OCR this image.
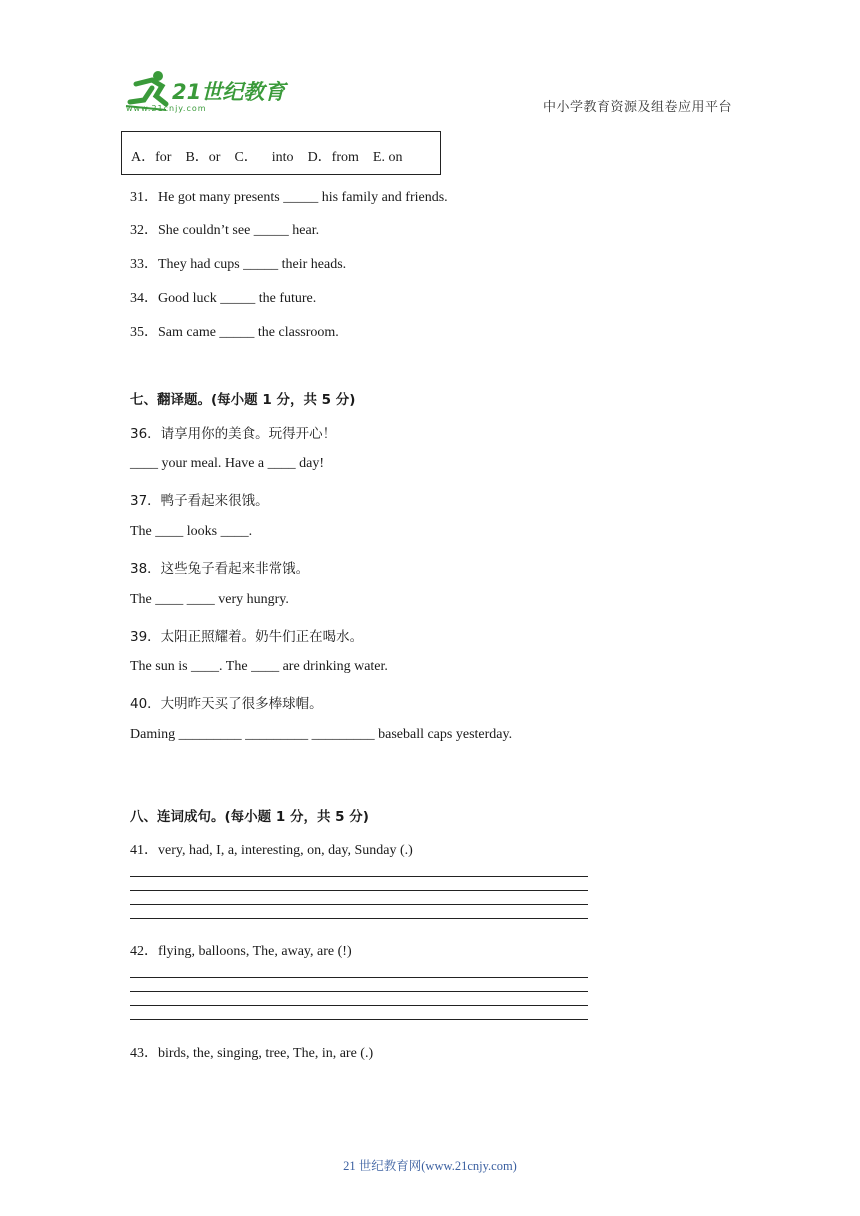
21世纪教育
www.21cnjy.com	中小学教育资源及组卷应用平台
A．for B．or C． into D．from E. on
31．He got many presents _____ his family and friends.
32．She couldn’t see _____ hear.
33．They had cups _____ their heads.
34．Good luck _____ the future.
35．Sam came _____ the classroom.
七、翻译题。(每小题 1 分，共 5 分)
36．请享用你的美食。玩得开心！
____ your meal. Have a ____ day!
37．鸭子看起来很饿。
The ____ looks ____.
38．这些兔子看起来非常饿。
The ____ ____ very hungry.
39．太阳正照耀着。奶牛们正在喝水。
The sun is ____. The ____ are drinking water.
40．大明昨天买了很多棒球帽。
Daming _________ _________ _________ baseball caps yesterday.
八、连词成句。(每小题 1 分，共 5 分)
41．very, had, I, a, interesting, on, day, Sunday (.)
42．flying, balloons, The, away, are (!)
43．birds, the, singing, tree, The, in, are (.)
21 世纪教育网(www.21cnjy.com)
